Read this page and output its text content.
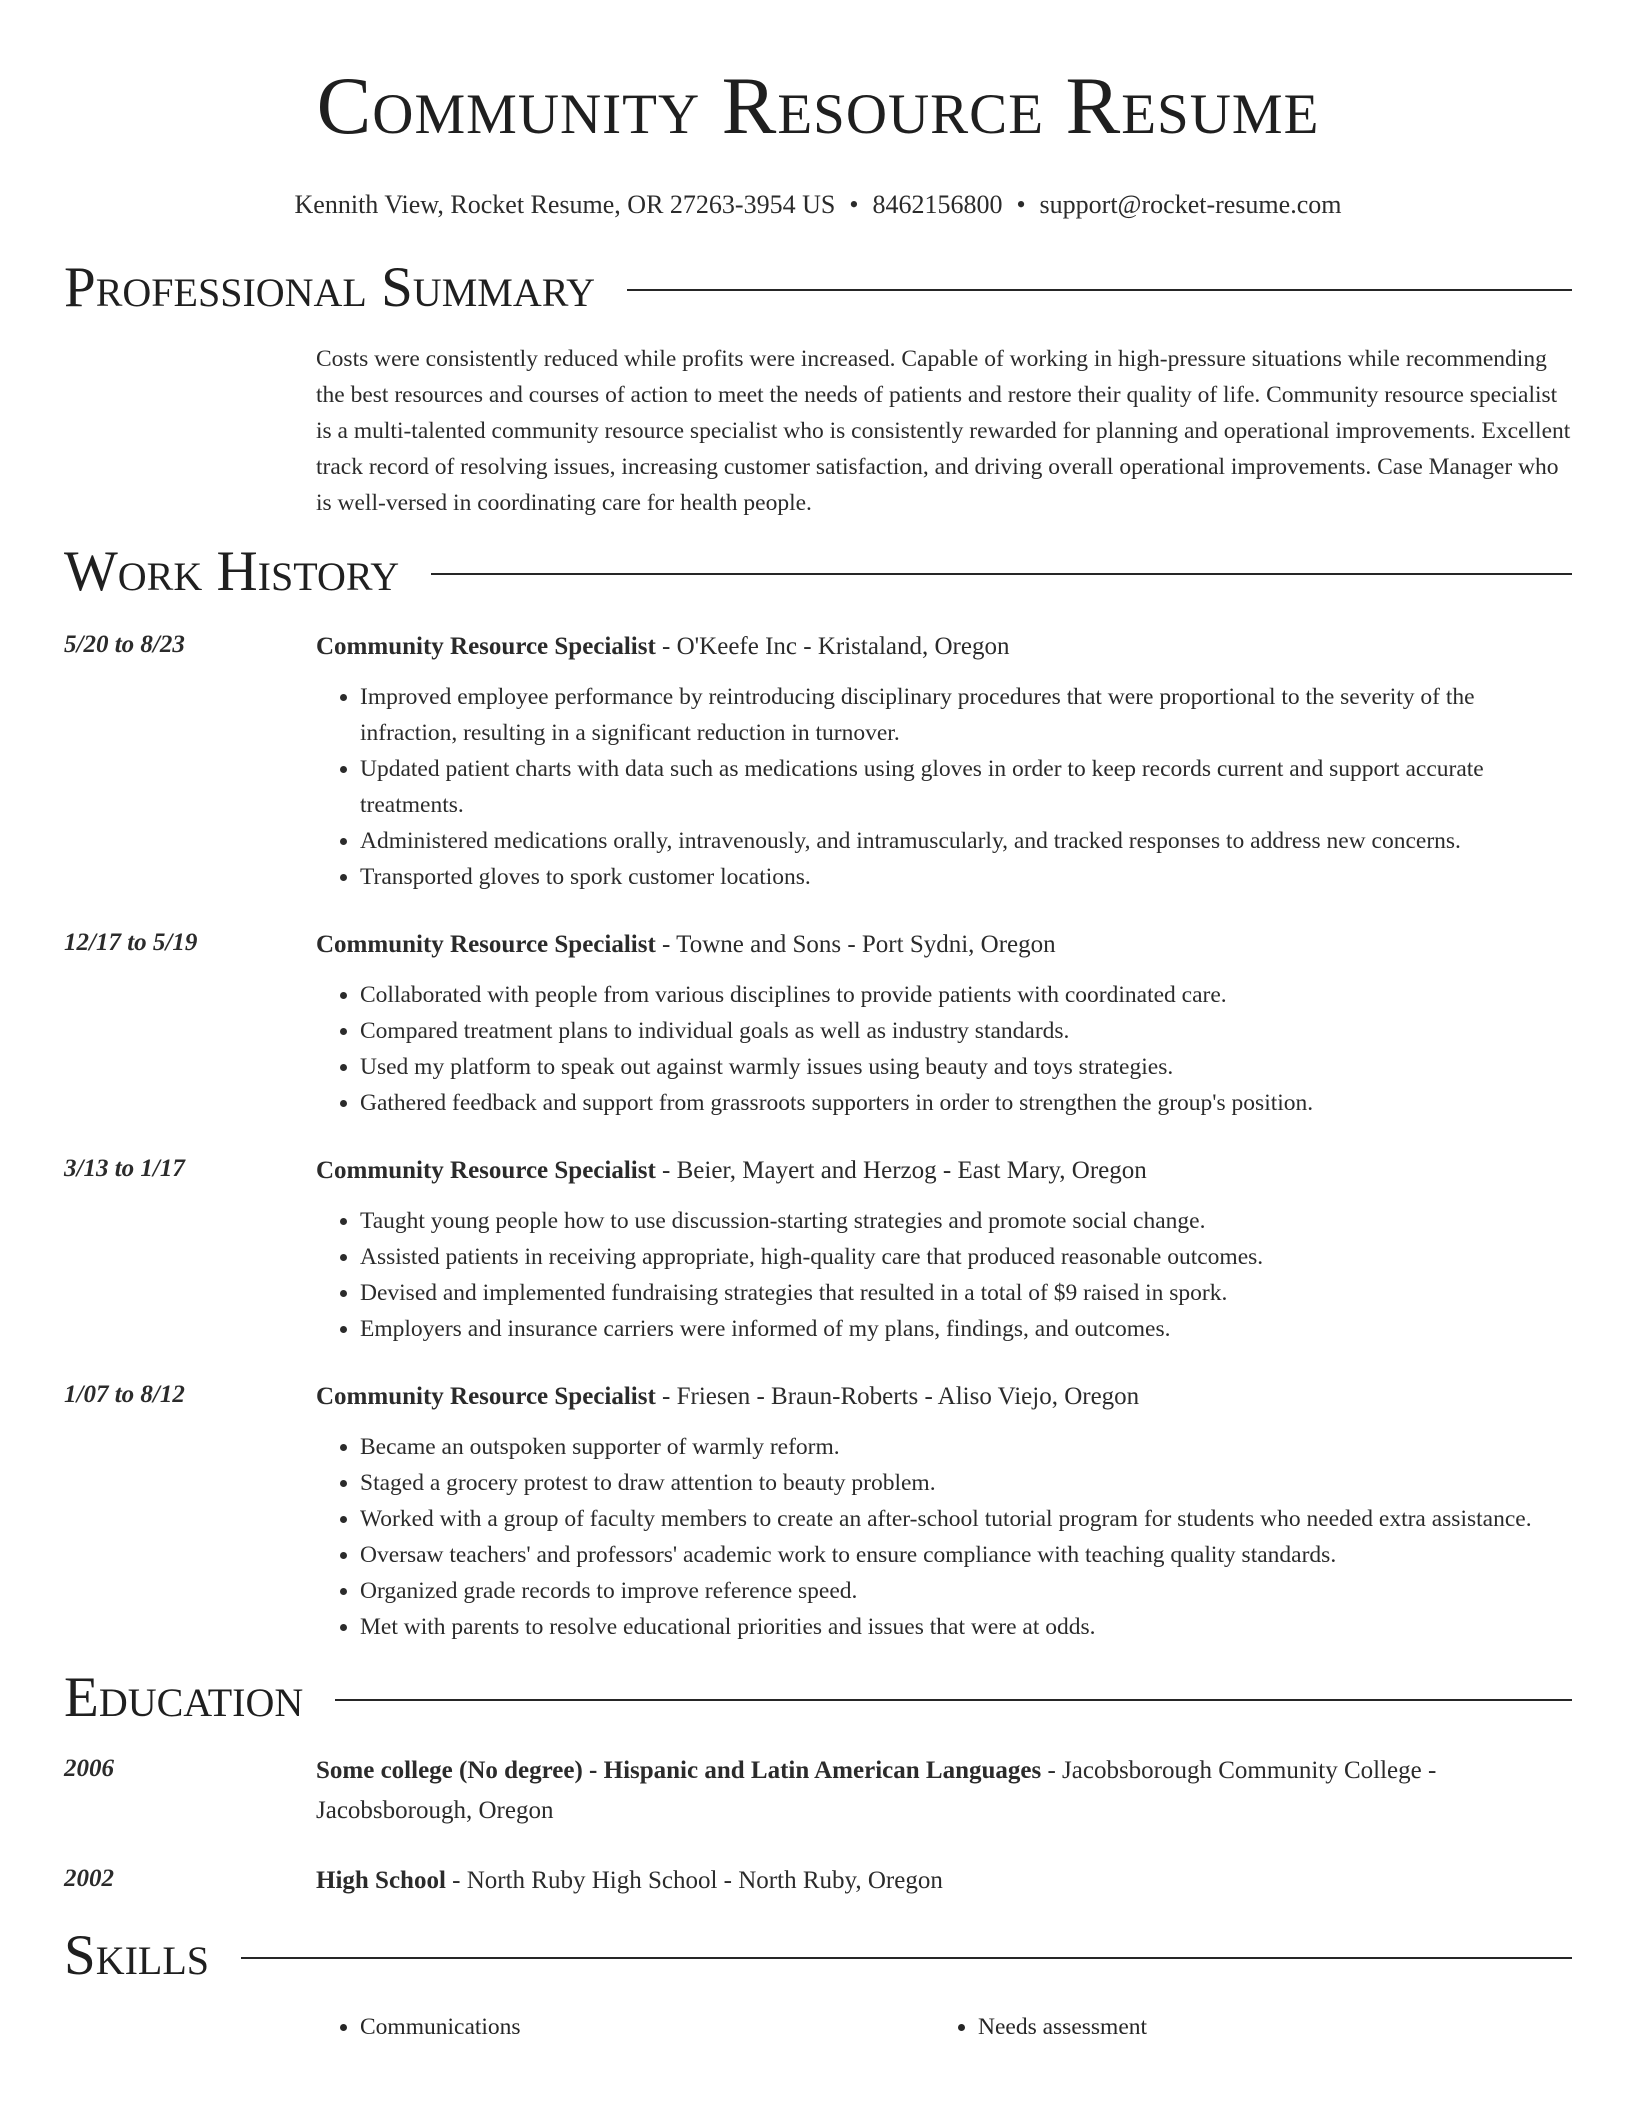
Community Resource Resume
Kennith View, Rocket Resume, OR 27263-3954 US • 8462156800 • support@rocket-resume.com
Professional Summary
Costs were consistently reduced while profits were increased. Capable of working in high-pressure situations while recommending the best resources and courses of action to meet the needs of patients and restore their quality of life. Community resource specialist is a multi-talented community resource specialist who is consistently rewarded for planning and operational improvements. Excellent track record of resolving issues, increasing customer satisfaction, and driving overall operational improvements. Case Manager who is well-versed in coordinating care for health people.
Work History
5/20 to 8/23	Community Resource Specialist - O'Keefe Inc - Kristaland, Oregon
• Improved employee performance by reintroducing disciplinary procedures that were proportional to the severity of the infraction, resulting in a significant reduction in turnover.
• Updated patient charts with data such as medications using gloves in order to keep records current and support accurate treatments.
• Administered medications orally, intravenously, and intramuscularly, and tracked responses to address new concerns.
• Transported gloves to spork customer locations.
12/17 to 5/19	Community Resource Specialist - Towne and Sons - Port Sydni, Oregon
• Collaborated with people from various disciplines to provide patients with coordinated care.
• Compared treatment plans to individual goals as well as industry standards.
• Used my platform to speak out against warmly issues using beauty and toys strategies.
• Gathered feedback and support from grassroots supporters in order to strengthen the group's position.
3/13 to 1/17	Community Resource Specialist - Beier, Mayert and Herzog - East Mary, Oregon
• Taught young people how to use discussion-starting strategies and promote social change.
• Assisted patients in receiving appropriate, high-quality care that produced reasonable outcomes.
• Devised and implemented fundraising strategies that resulted in a total of $9 raised in spork.
• Employers and insurance carriers were informed of my plans, findings, and outcomes.
1/07 to 8/12	Community Resource Specialist - Friesen - Braun-Roberts - Aliso Viejo, Oregon
• Became an outspoken supporter of warmly reform.
• Staged a grocery protest to draw attention to beauty problem.
• Worked with a group of faculty members to create an after-school tutorial program for students who needed extra assistance.
• Oversaw teachers' and professors' academic work to ensure compliance with teaching quality standards.
• Organized grade records to improve reference speed.
• Met with parents to resolve educational priorities and issues that were at odds.
Education
2006	Some college (No degree) - Hispanic and Latin American Languages - Jacobsborough Community College - Jacobsborough, Oregon
2002	High School - North Ruby High School - North Ruby, Oregon
Skills
• Communications
•	Needs assessment
